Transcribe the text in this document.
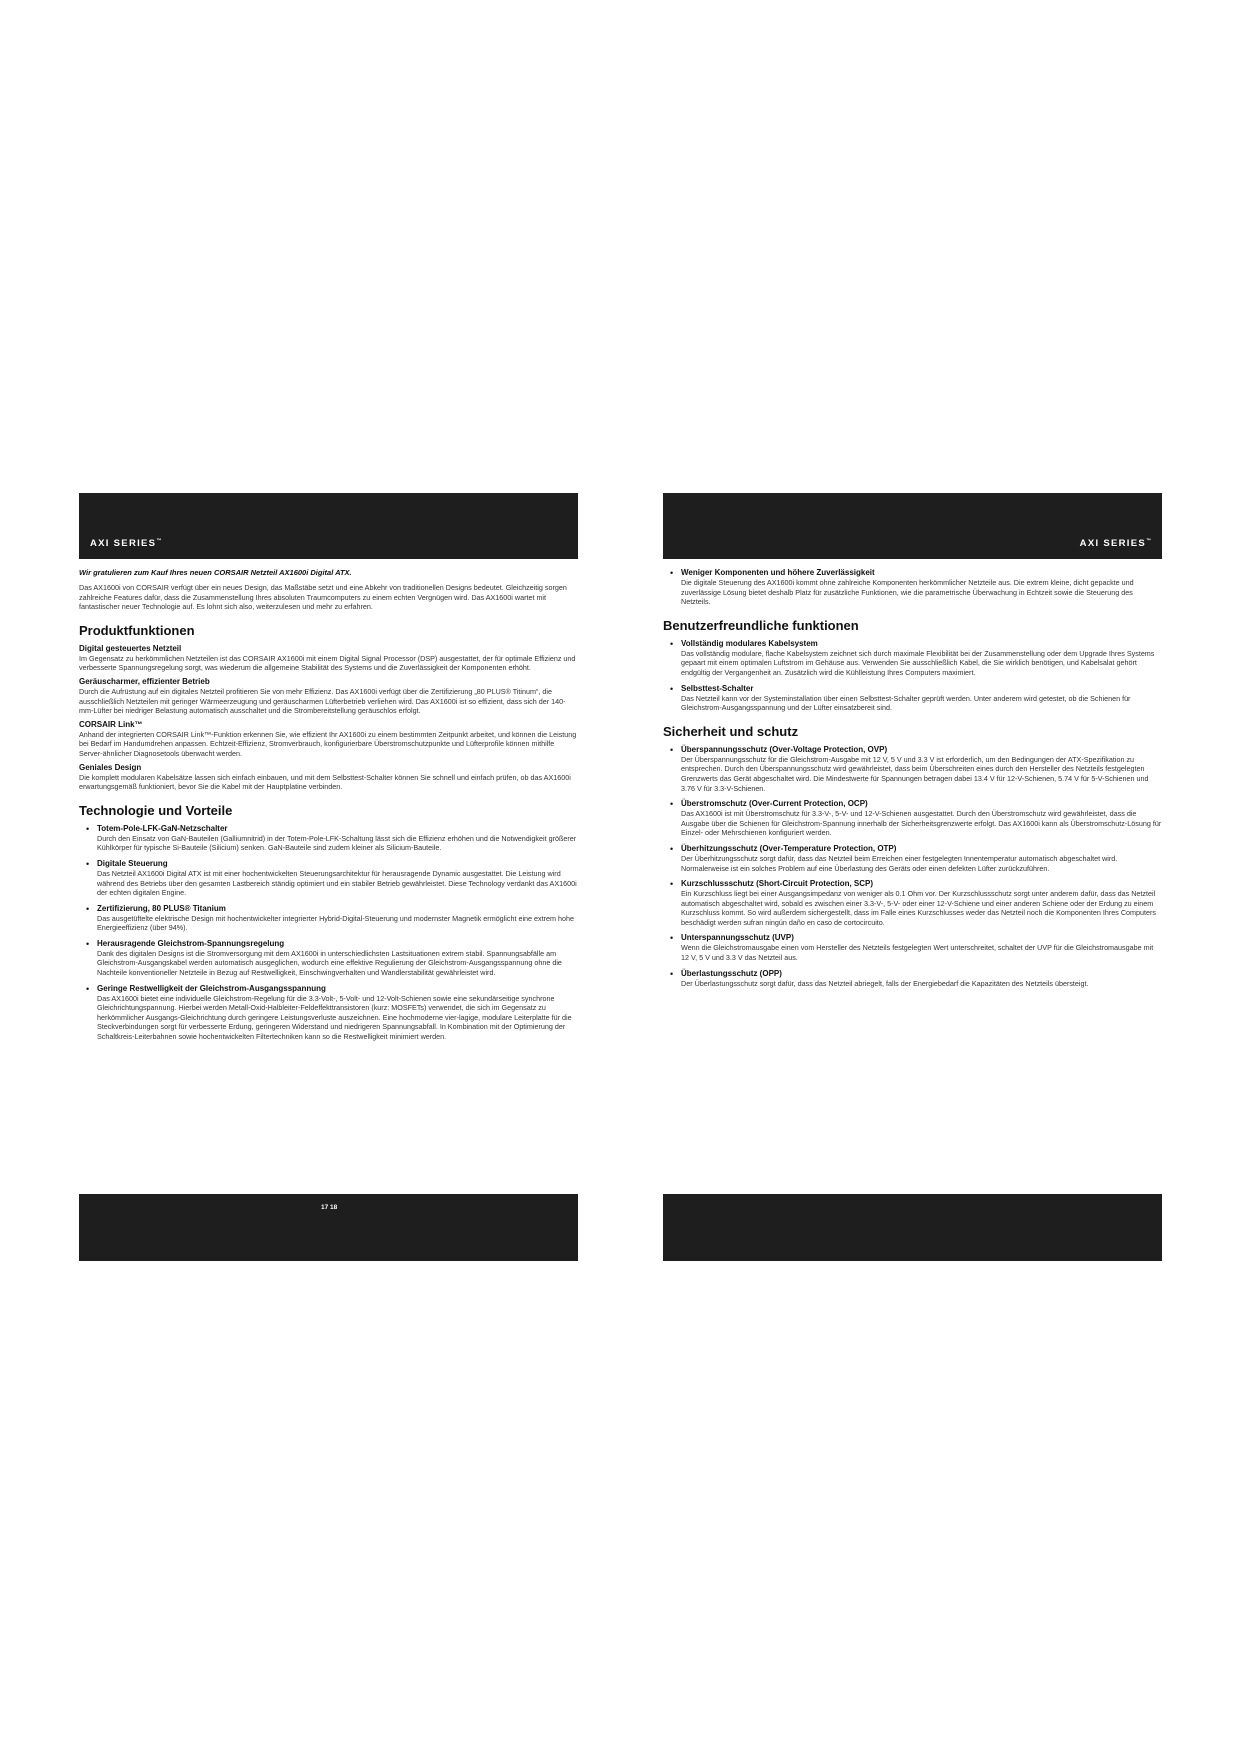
AXI SERIES™
Wir gratulieren zum Kauf Ihres neuen CORSAIR Netzteil AX1600i Digital ATX.
Das AX1600i von CORSAIR verfügt über ein neues Design, das Maßstäbe setzt und eine Abkehr von traditionellen Designs bedeutet. Gleichzeitig sorgen zahlreiche Features dafür, dass die Zusammenstellung Ihres absoluten Traumcomputers zu einem echten Vergnügen wird. Das AX1600i wartet mit fantastischer neuer Technologie auf. Es lohnt sich also, weiterzulesen und mehr zu erfahren.
Produktfunktionen
Digital gesteuertes Netzteil
Im Gegensatz zu herkömmlichen Netzteilen ist das CORSAIR AX1600i mit einem Digital Signal Processor (DSP) ausgestattet, der für optimale Effizienz und verbesserte Spannungsregelung sorgt, was wiederum die allgemeine Stabilität des Systems und die Zuverlässigkeit der Komponenten erhöht.
Geräuscharmer, effizienter Betrieb
Durch die Aufrüstung auf ein digitales Netzteil profitieren Sie von mehr Effizienz. Das AX1600i verfügt über die Zertifizierung „80 PLUS® Titinum“, die ausschließlich Netzteilen mit geringer Wärmeerzeugung und geräuscharmen Lüfterbetrieb verliehen wird. Das AX1600i ist so effizient, dass sich der 140-mm-Lüfter bei niedriger Belastung automatisch ausschaltet und die Strombereitstellung geräuschlos erfolgt.
CORSAIR Link™
Anhand der integrierten CORSAIR Link™-Funktion erkennen Sie, wie effizient Ihr AX1600i zu einem bestimmten Zeitpunkt arbeitet, und können die Leistung bei Bedarf im Handumdrehen anpassen. Echtzeit-Effizienz, Stromverbrauch, konfigurierbare Überstromschutzpunkte und Lüfterprofile können mithilfe Server-ähnlicher Diagnosetools überwacht werden.
Geniales Design
Die komplett modularen Kabelsätze lassen sich einfach einbauen, und mit dem Selbsttest-Schalter können Sie schnell und einfach prüfen, ob das AX1600i erwartungsgemäß funktioniert, bevor Sie die Kabel mit der Hauptplatine verbinden.
Technologie und Vorteile
• Totem-Pole-LFK-GaN-Netzschalter
Durch den Einsatz von GaN-Bauteilen (Galliumnitrid) in der Totem-Pole-LFK-Schaltung lässt sich die Effizienz erhöhen und die Notwendigkeit größerer Kühlkörper für typische Si-Bauteile (Silicium) senken. GaN-Bauteile sind zudem kleiner als Silicium-Bauteile.
• Digitale Steuerung
Das Netzteil AX1600i Digital ATX ist mit einer hochentwickelten Steuerungsarchitektur für herausragende Dynamic ausgestattet. Die Leistung wird während des Betriebs über den gesamten Lastbereich ständig optimiert und ein stabiler Betrieb gewährleistet. Diese Technology verdankt das AX1600i der echten digitalen Engine.
• Zertifizierung, 80 PLUS® Titanium
Das ausgetüftelte elektrische Design mit hochentwickelter integrierter Hybrid-Digital-Steuerung und modernster Magnetik ermöglicht eine extrem hohe Energieeffizienz (über 94%).
• Herausragende Gleichstrom-Spannungsregelung
Dank des digitalen Designs ist die Stromversorgung mit dem AX1600i in unterschiedlichsten Lastsituationen extrem stabil. Spannungsabfälle am Gleichstrom-Ausgangskabel werden automatisch ausgeglichen, wodurch eine effektive Regulierung der Gleichstrom-Ausgangsspannung ohne die Nachteile konventioneller Netzteile in Bezug auf Restwelligkeit, Einschwingverhalten und Wandlerstabilität gewährleistet wird.
• Geringe Restwelligkeit der Gleichstrom-Ausgangsspannung
Das AX1600i bietet eine individuelle Gleichstrom-Regelung für die 3.3-Volt-, 5-Volt- und 12-Volt-Schienen sowie eine sekundärseitige synchrone Gleichrichtungspannung. Hierbei werden Metall-Oxid-Halbleiter-Feldeffekttransistoren (kurz: MOSFETs) verwendet, die sich im Gegensatz zu herkömmlicher Ausgangs-Gleichrichtung durch geringere Leistungsverluste auszeichnen. Eine hochmoderne vier-lagige, modulare Leiterplatte für die Steckverbindungen sorgt für verbesserte Erdung, geringeren Widerstand und niedrigeren Spannungsabfall. In Kombination mit der Optimierung der Schaltkreis-Leiterbahnen sowie hochentwickelten Filtertechniken kann so die Restwelligkeit minimiert werden.
17 18
AXI SERIES™
• Weniger Komponenten und höhere Zuverlässigkeit
Die digitale Steuerung des AX1600i kommt ohne zahlreiche Komponenten herkömmlicher Netzteile aus. Die extrem kleine, dicht gepackte und zuverlässige Lösung bietet deshalb Platz für zusätzliche Funktionen, wie die parametrische Überwachung in Echtzeit sowie die Steuerung des Netzteils.
Benutzerfreundliche funktionen
• Vollständig modulares Kabelsystem
Das vollständig modulare, flache Kabelsystem zeichnet sich durch maximale Flexibilität bei der Zusammenstellung oder dem Upgrade Ihres Systems gepaart mit einem optimalen Luftstrom im Gehäuse aus. Verwenden Sie ausschließlich Kabel, die Sie wirklich benötigen, und Kabelsalat gehört endgültig der Vergangenheit an. Zusätzlich wird die Kühlleistung Ihres Computers maximiert.
• Selbsttest-Schalter
Das Netzteil kann vor der Systeminstallation über einen Selbsttest-Schalter geprüft werden. Unter anderem wird getestet, ob die Schienen für Gleichstrom-Ausgangsspannung und der Lüfter einsatzbereit sind.
Sicherheit und schutz
• Überspannungsschutz (Over-Voltage Protection, OVP)
Der Überspannungsschutz für die Gleichstrom-Ausgabe mit 12 V, 5 V und 3.3 V ist erforderlich, um den Bedingungen der ATX-Spezifikation zu entsprechen. Durch den Überspannungsschutz wird gewährleistet, dass beim Überschreiten eines durch den Hersteller des Netzteils festgelegten Grenzwerts das Gerät abgeschaltet wird. Die Mindestwerte für Spannungen betragen dabei 13.4 V für 12-V-Schienen, 5.74 V für 5-V-Schienen und 3.76 V für 3.3-V-Schienen.
• Überstromschutz (Over-Current Protection, OCP)
Das AX1600i ist mit Überstromschutz für 3.3-V-, 5-V- und 12-V-Schienen ausgestattet. Durch den Überstromschutz wird gewährleistet, dass die Ausgabe über die Schienen für Gleichstrom-Spannung innerhalb der Sicherheitsgrenzwerte erfolgt. Das AX1600i kann als Überstromschutz-Lösung für Einzel- oder Mehrschienen konfiguriert werden.
• Überhitzungsschutz (Over-Temperature Protection, OTP)
Der Überhitzungsschutz sorgt dafür, dass das Netzteil beim Erreichen einer festgelegten Innentemperatur automatisch abgeschaltet wird. Normalerweise ist ein solches Problem auf eine Überlastung des Geräts oder einen defekten Lüfter zurückzuführen.
• Kurzschlussschutz (Short-Circuit Protection, SCP)
Ein Kurzschluss liegt bei einer Ausgangsimpedanz von weniger als 0.1 Ohm vor. Der Kurzschlussschutz sorgt unter anderem dafür, dass das Netzteil automatisch abgeschaltet wird, sobald es zwischen einer 3.3-V-, 5-V- oder einer 12-V-Schiene und einer anderen Schiene oder der Erdung zu einem Kurzschluss kommt. So wird außerdem sichergestellt, dass im Falle eines Kurzschlusses weder das Netzteil noch die Komponenten Ihres Computers beschädigt werden sufran ningún daño en caso de cortocircuito.
• Unterspannungsschutz (UVP)
Wenn die Gleichstromausgabe einen vom Hersteller des Netzteils festgelegten Wert unterschreitet, schaltet der UVP für die Gleichstromausgabe mit 12 V, 5 V und 3.3 V das Netzteil aus.
• Überlastungsschutz (OPP)
Der Überlastungsschutz sorgt dafür, dass das Netzteil abriegelt, falls der Energiebedarf die Kapazitäten des Netzteils übersteigt.
